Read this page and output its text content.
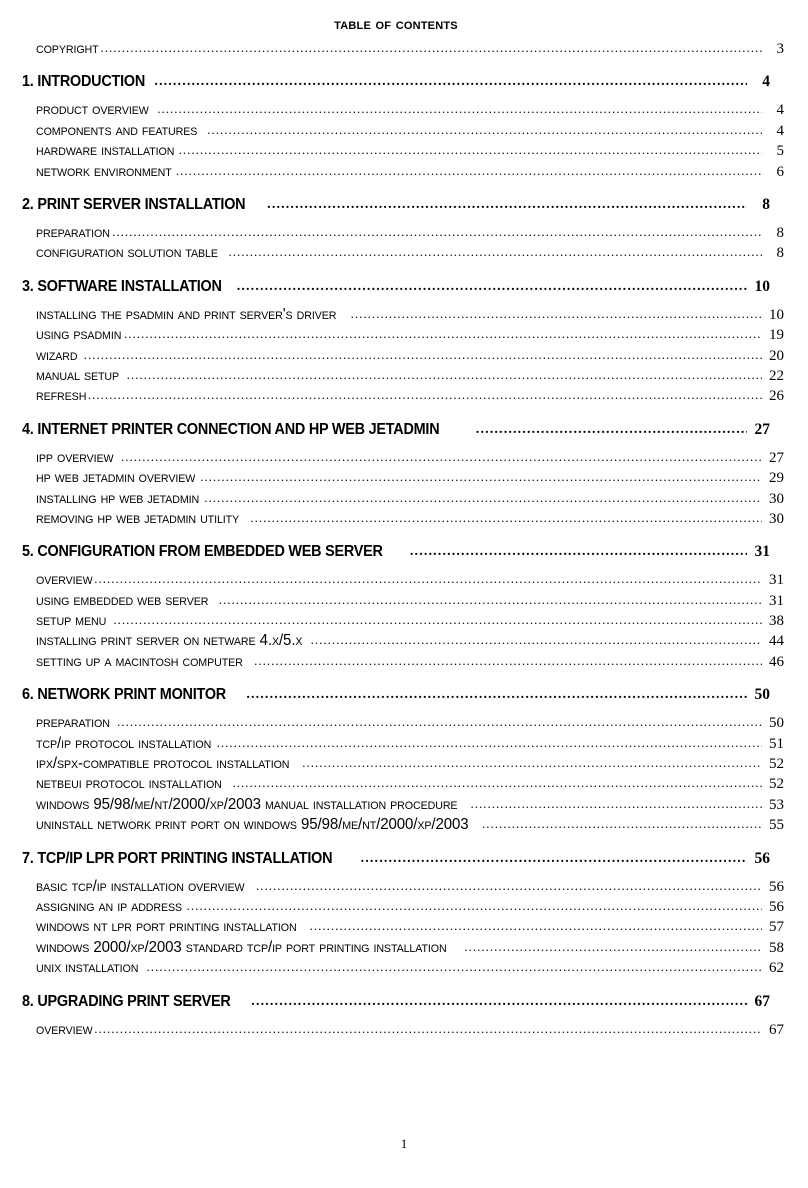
table of contents
copyright .....	3
1. INTRODUCTION .....	4
product overview .....	4
components and features .....	4
hardware installation .....	5
network environment .....	6
2. PRINT SERVER INSTALLATION .....	8
preparation .....	8
configuration solution table .....	8
3. SOFTWARE INSTALLATION .....	10
installing the psadmin and print server's driver .....	10
using psadmin .....	19
wizard .....	20
manual setup .....	22
refresh .....	26
4. INTERNET PRINTER CONNECTION AND HP WEB JETADMIN .....	27
ipp overview .....	27
hp web jetadmin overview .....	29
installing hp web jetadmin .....	30
removing hp web jetadmin utility .....	30
5. CONFIGURATION FROM EMBEDDED WEB SERVER .....	31
overview .....	31
using embedded web server .....	31
setup menu .....	38
installing print server on netware 4.x/5.x .....	44
setting up a macintosh computer .....	46
6. NETWORK PRINT MONITOR .....	50
preparation .....	50
tcp/ip protocol installation .....	51
ipx/spx-compatible protocol installation .....	52
netbeui protocol installation .....	52
windows 95/98/me/nt/2000/xp/2003 manual installation procedure .....	53
uninstall network print port on windows 95/98/me/nt/2000/xp/2003 .....	55
7. TCP/IP LPR PORT PRINTING INSTALLATION .....	56
basic tcp/ip installation overview .....	56
assigning an ip address .....	56
windows nt lpr port printing installation .....	57
windows 2000/xp/2003 standard tcp/ip port printing installation .....	58
unix installation .....	62
8. UPGRADING PRINT SERVER .....	67
overview .....	67
1
